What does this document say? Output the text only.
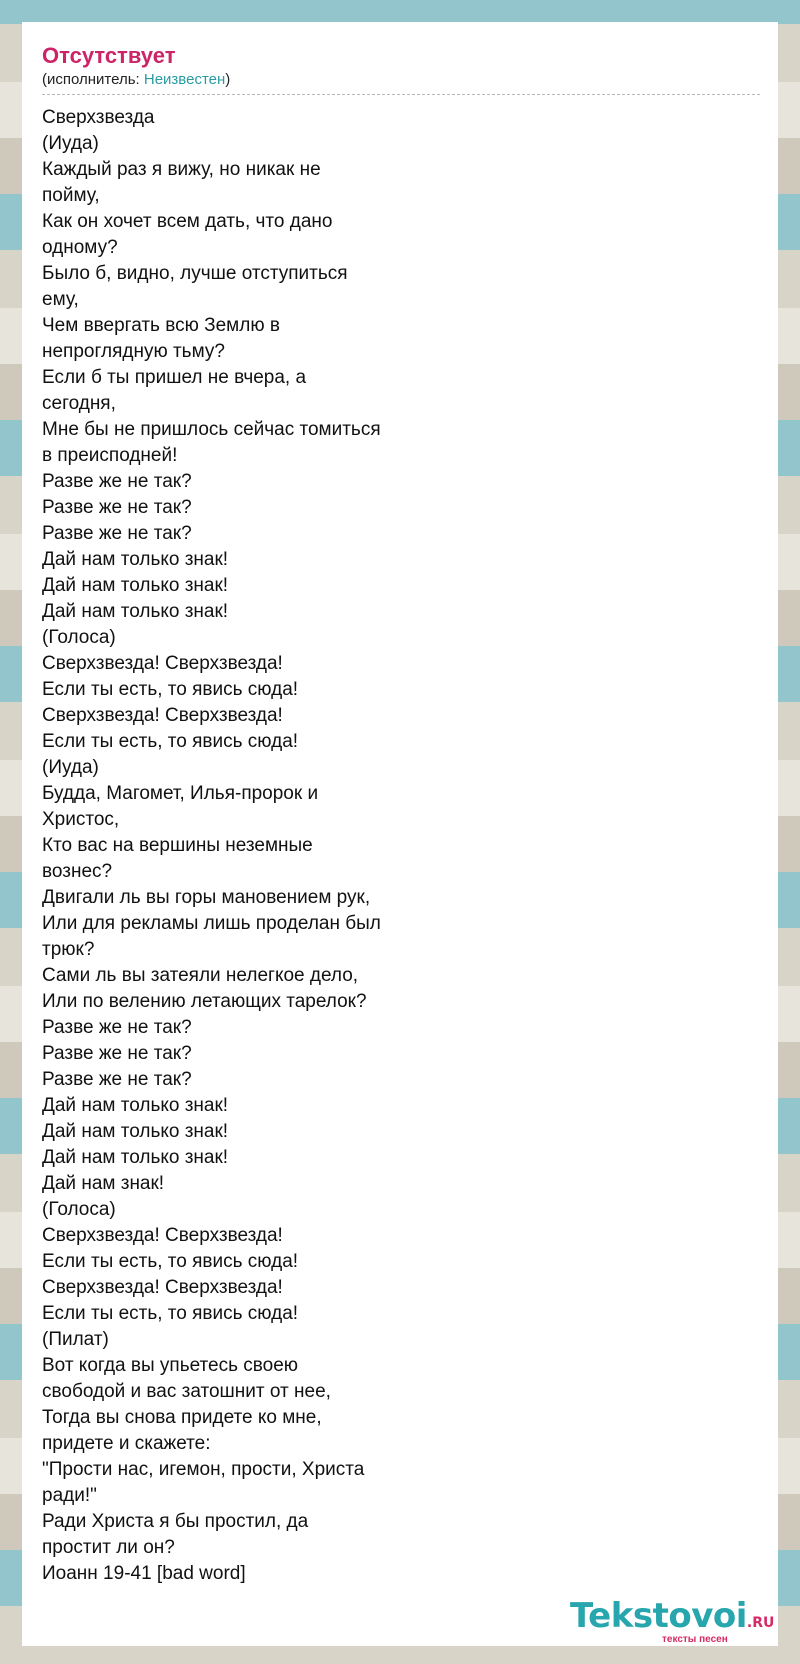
Отсутствует
(исполнитель: Неизвестен)
Сверхзвезда
(Иуда)
Каждый раз я вижу, но никак не пойму,
Как он хочет всем дать, что дано одному?
Было б, видно, лучше отступиться ему,
Чем ввергать всю Землю в непроглядную тьму?
Если б ты пришел не вчера, а сегодня,
Мне бы не пришлось сейчас томиться в преисподней!
Разве же не так?
Разве же не так?
Разве же не так?
Дай нам только знак!
Дай нам только знак!
Дай нам только знак!
(Голоса)
Сверхзвезда! Сверхзвезда!
Если ты есть, то явись сюда!
Сверхзвезда! Сверхзвезда!
Если ты есть, то явись сюда!
(Иуда)
Будда, Магомет, Илья-пророк и Христос,
Кто вас на вершины неземные вознес?
Двигали ль вы горы мановением рук,
Или для рекламы лишь проделан был трюк?
Сами ль вы затеяли нелегкое дело,
Или по велению летающих тарелок?
Разве же не так?
Разве же не так?
Разве же не так?
Дай нам только знак!
Дай нам только знак!
Дай нам только знак!
Дай нам знак!
(Голоса)
Сверхзвезда! Сверхзвезда!
Если ты есть, то явись сюда!
Сверхзвезда! Сверхзвезда!
Если ты есть, то явись сюда!
(Пилат)
Вот когда вы упьетесь своею свободой и вас затошнит от нее,
Тогда вы снова придете ко мне, придете и скажете:
"Прости нас, игемон, прости, Христа ради!"
Ради Христа я бы простил, да простит ли он?
Иоанн 19-41 [bad word]
Tekstovoi.RU
тексты песен
